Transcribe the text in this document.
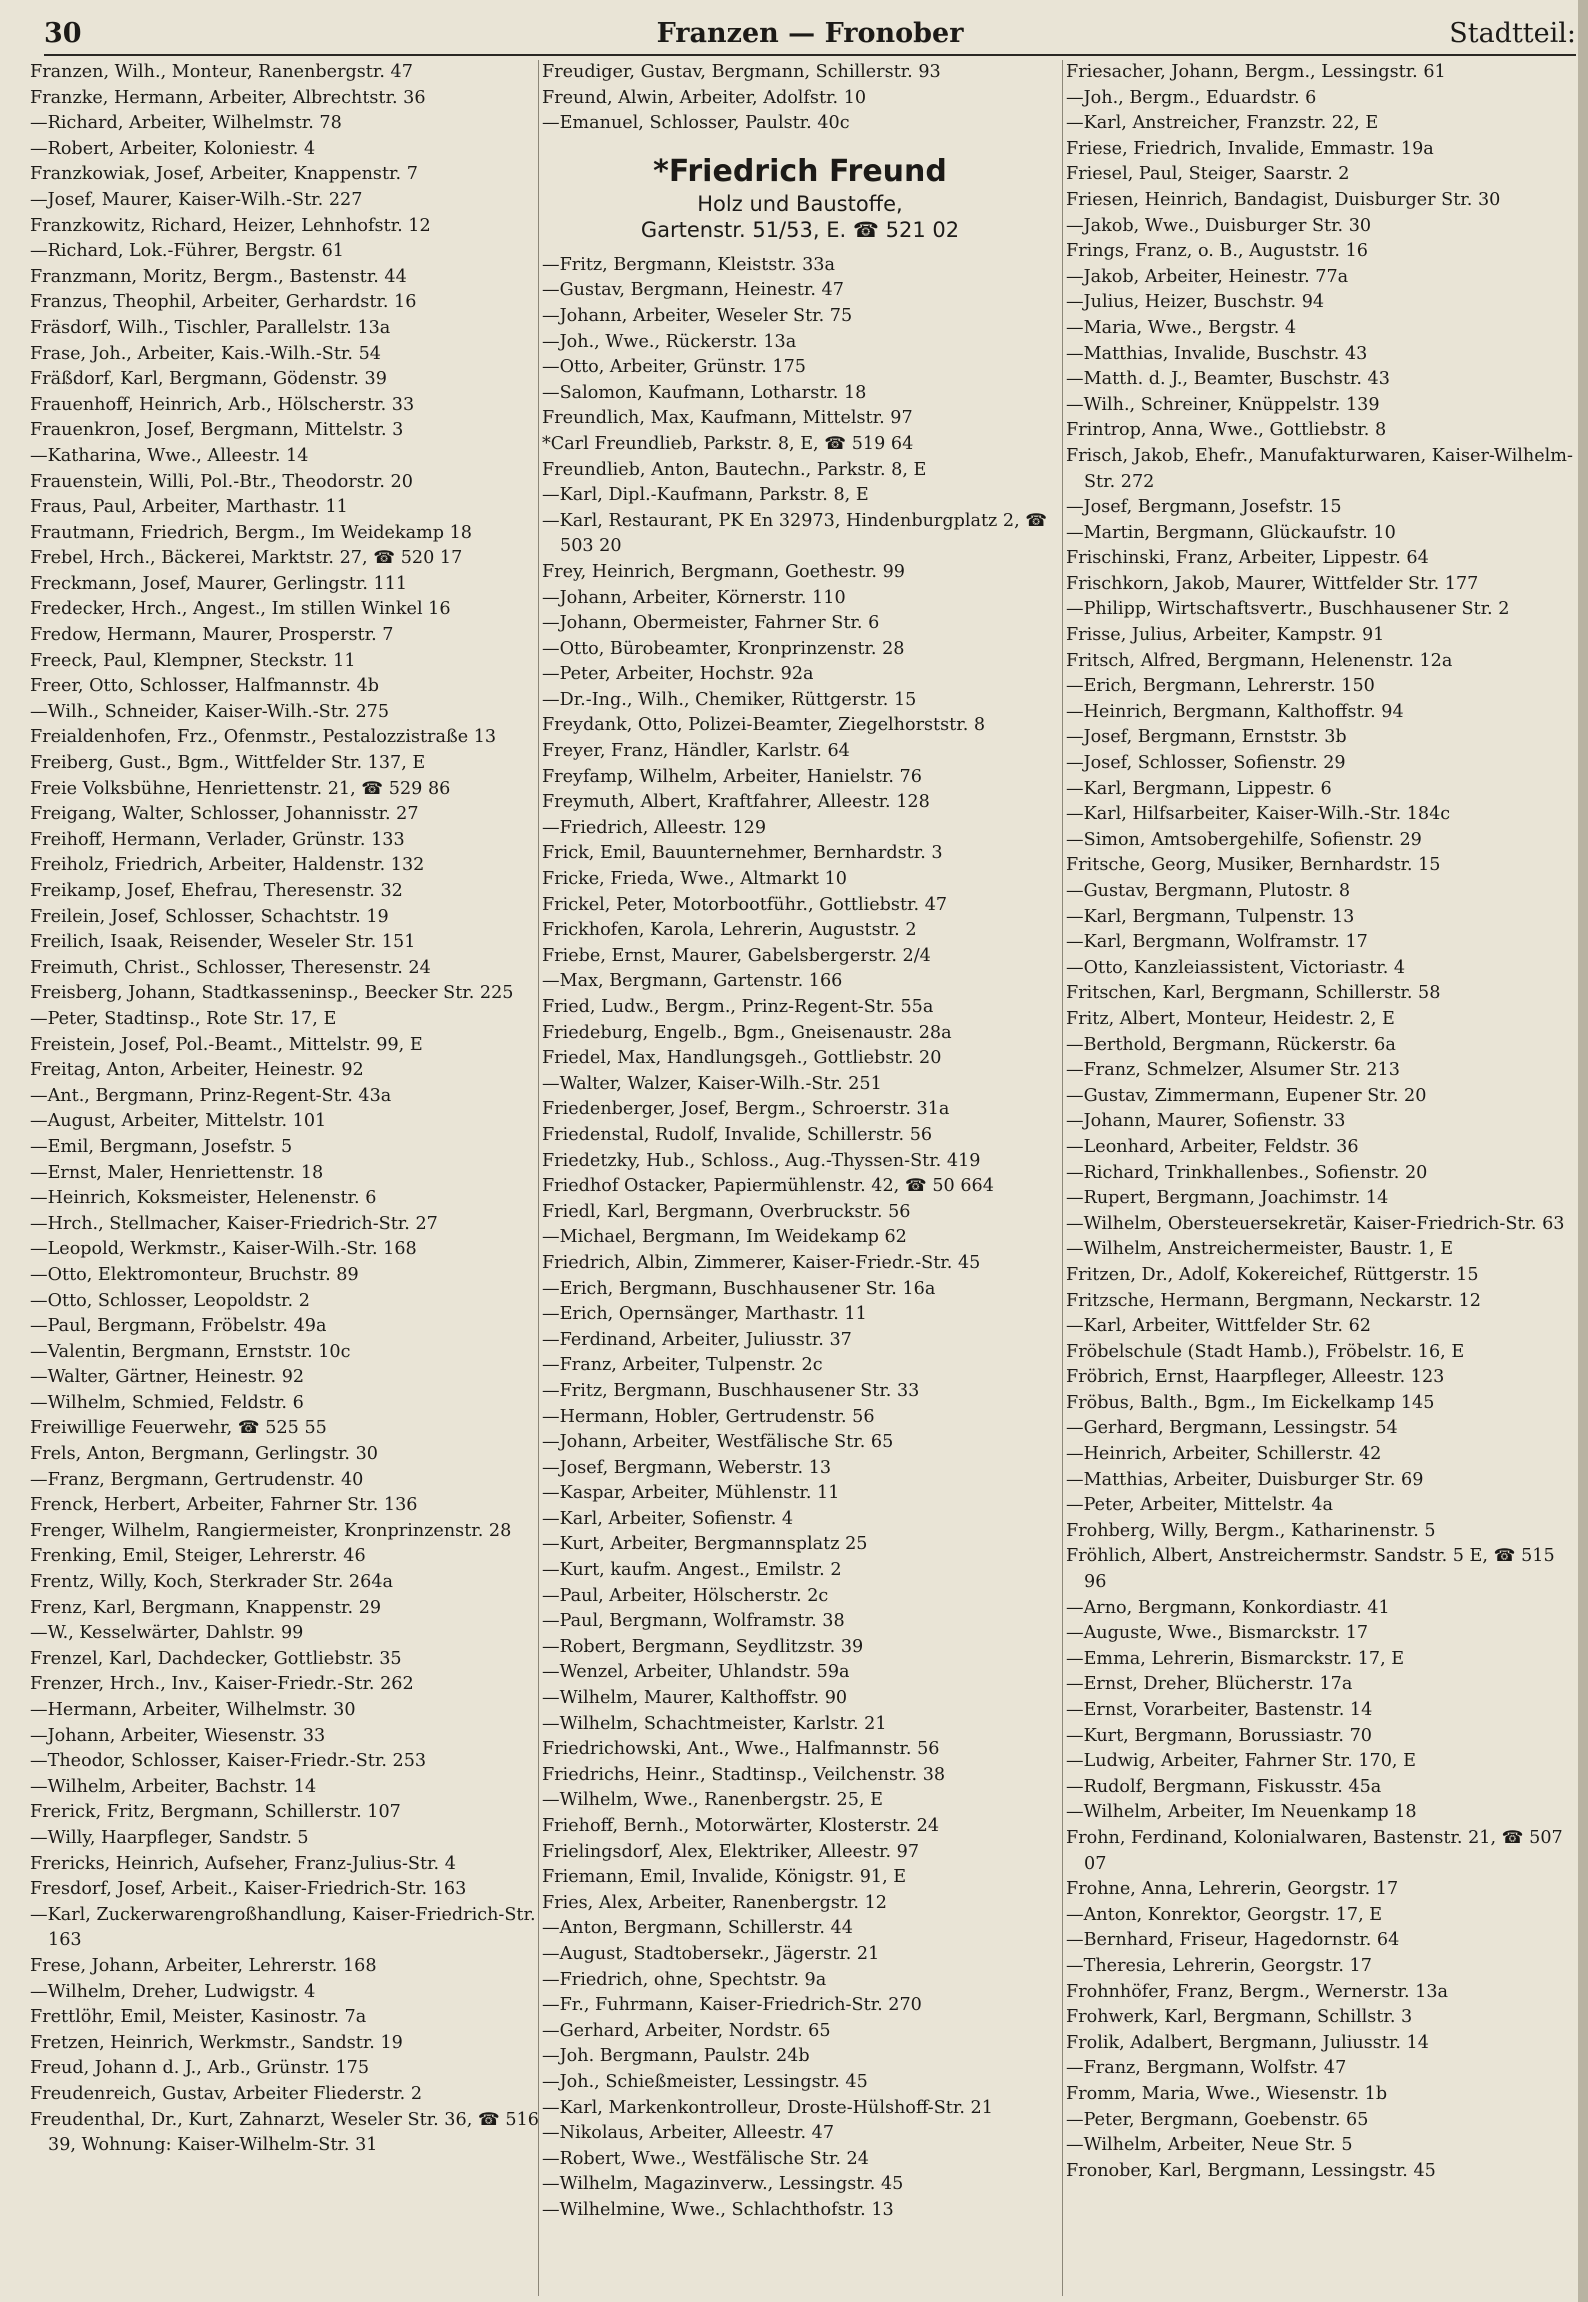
30	Franzen — Fronober	Stadtteil:
Franzen, Wilh., Monteur, Ranenbergstr. 47
Franzke, Hermann, Arbeiter, Albrechtstr. 36
—Richard, Arbeiter, Wilhelmstr. 78
—Robert, Arbeiter, Koloniestr. 4
Franzkowiak, Josef, Arbeiter, Knappenstr. 7
—Josef, Maurer, Kaiser-Wilh.-Str. 227
Franzkowitz, Richard, Heizer, Lehnhofstr. 12
—Richard, Lok.-Führer, Bergstr. 61
Franzmann, Moritz, Bergm., Bastenstr. 44
Franzus, Theophil, Arbeiter, Gerhardstr. 16
Fräsdorf, Wilh., Tischler, Parallelstr. 13a
Frase, Joh., Arbeiter, Kais.-Wilh.-Str. 54
Fräßdorf, Karl, Bergmann, Gödenstr. 39
Frauenhoff, Heinrich, Arb., Hölscherstr. 33
Frauenkron, Josef, Bergmann, Mittelstr. 3
—Katharina, Wwe., Alleestr. 14
Frauenstein, Willi, Pol.-Btr., Theodorstr. 20
Fraus, Paul, Arbeiter, Marthastr. 11
Frautmann, Friedrich, Bergm., Im Weidekamp 18
Frebel, Hrch., Bäckerei, Marktstr. 27, ☎ 520 17
Freckmann, Josef, Maurer, Gerlingstr. 111
Fredecker, Hrch., Angest., Im stillen Winkel 16
Fredow, Hermann, Maurer, Prosperstr. 7
Freeck, Paul, Klempner, Steckstr. 11
Freer, Otto, Schlosser, Halfmannstr. 4b
—Wilh., Schneider, Kaiser-Wilh.-Str. 275
Freialdenhofen, Frz., Ofenmstr., Pestalozzistraße 13
Freiberg, Gust., Bgm., Wittfelder Str. 137, E
Freie Volksbühne, Henriettenstr. 21, ☎ 529 86
Freigang, Walter, Schlosser, Johannisstr. 27
Freihoff, Hermann, Verlader, Grünstr. 133
Freiholz, Friedrich, Arbeiter, Haldenstr. 132
Freikamp, Josef, Ehefrau, Theresenstr. 32
Freilein, Josef, Schlosser, Schachtstr. 19
Freilich, Isaak, Reisender, Weseler Str. 151
Freimuth, Christ., Schlosser, Theresenstr. 24
Freisberg, Johann, Stadtkasseninsp., Beecker Str. 225
—Peter, Stadtinsp., Rote Str. 17, E
Freistein, Josef, Pol.-Beamt., Mittelstr. 99, E
Freitag, Anton, Arbeiter, Heinestr. 92
—Ant., Bergmann, Prinz-Regent-Str. 43a
—August, Arbeiter, Mittelstr. 101
—Emil, Bergmann, Josefstr. 5
—Ernst, Maler, Henriettenstr. 18
—Heinrich, Koksmeister, Helenenstr. 6
—Hrch., Stellmacher, Kaiser-Friedrich-Str. 27
—Leopold, Werkmstr., Kaiser-Wilh.-Str. 168
—Otto, Elektromonteur, Bruchstr. 89
—Otto, Schlosser, Leopoldstr. 2
—Paul, Bergmann, Fröbelstr. 49a
—Valentin, Bergmann, Ernststr. 10c
—Walter, Gärtner, Heinestr. 92
—Wilhelm, Schmied, Feldstr. 6
Freiwillige Feuerwehr, ☎ 525 55
Frels, Anton, Bergmann, Gerlingstr. 30
—Franz, Bergmann, Gertrudenstr. 40
Frenck, Herbert, Arbeiter, Fahrner Str. 136
Frenger, Wilhelm, Rangiermeister, Kronprinzenstr. 28
Frenking, Emil, Steiger, Lehrerstr. 46
Frentz, Willy, Koch, Sterkrader Str. 264a
Frenz, Karl, Bergmann, Knappenstr. 29
—W., Kesselwärter, Dahlstr. 99
Frenzel, Karl, Dachdecker, Gottliebstr. 35
Frenzer, Hrch., Inv., Kaiser-Friedr.-Str. 262
—Hermann, Arbeiter, Wilhelmstr. 30
—Johann, Arbeiter, Wiesenstr. 33
—Theodor, Schlosser, Kaiser-Friedr.-Str. 253
—Wilhelm, Arbeiter, Bachstr. 14
Frerick, Fritz, Bergmann, Schillerstr. 107
—Willy, Haarpfleger, Sandstr. 5
Frericks, Heinrich, Aufseher, Franz-Julius-Str. 4
Fresdorf, Josef, Arbeit., Kaiser-Friedrich-Str. 163
—Karl, Zuckerwarengroßhandlung, Kaiser-Friedrich-Str. 163
Frese, Johann, Arbeiter, Lehrerstr. 168
—Wilhelm, Dreher, Ludwigstr. 4
Frettlöhr, Emil, Meister, Kasinostr. 7a
Fretzen, Heinrich, Werkmstr., Sandstr. 19
Freud, Johann d. J., Arb., Grünstr. 175
Freudenreich, Gustav, Arbeiter Fliederstr. 2
Freudenthal, Dr., Kurt, Zahnarzt, Weseler Str. 36, ☎ 516 39, Wohnung: Kaiser-Wilhelm-Str. 31
Freudiger, Gustav, Bergmann, Schillerstr. 93
Freund, Alwin, Arbeiter, Adolfstr. 10
—Emanuel, Schlosser, Paulstr. 40c
*Friedrich Freund
Holz und Baustoffe,
Gartenstr. 51/53, E. ☎ 521 02
—Fritz, Bergmann, Kleiststr. 33a
—Gustav, Bergmann, Heinestr. 47
—Johann, Arbeiter, Weseler Str. 75
—Joh., Wwe., Rückerstr. 13a
—Otto, Arbeiter, Grünstr. 175
—Salomon, Kaufmann, Lotharstr. 18
Freundlich, Max, Kaufmann, Mittelstr. 97
*Carl Freundlieb, Parkstr. 8, E, ☎ 519 64
Freundlieb, Anton, Bautechn., Parkstr. 8, E
—Karl, Dipl.-Kaufmann, Parkstr. 8, E
—Karl, Restaurant, PK En 32973, Hindenburgplatz 2, ☎ 503 20
Frey, Heinrich, Bergmann, Goethestr. 99
—Johann, Arbeiter, Körnerstr. 110
—Johann, Obermeister, Fahrner Str. 6
—Otto, Bürobeamter, Kronprinzenstr. 28
—Peter, Arbeiter, Hochstr. 92a
—Dr.-Ing., Wilh., Chemiker, Rüttgerstr. 15
Freydank, Otto, Polizei-Beamter, Ziegelhorststr. 8
Freyer, Franz, Händler, Karlstr. 64
Freyfamp, Wilhelm, Arbeiter, Hanielstr. 76
Freymuth, Albert, Kraftfahrer, Alleestr. 128
—Friedrich, Alleestr. 129
Frick, Emil, Bauunternehmer, Bernhardstr. 3
Fricke, Frieda, Wwe., Altmarkt 10
Frickel, Peter, Motorbootführ., Gottliebstr. 47
Frickhofen, Karola, Lehrerin, Auguststr. 2
Friebe, Ernst, Maurer, Gabelsbergerstr. 2/4
—Max, Bergmann, Gartenstr. 166
Fried, Ludw., Bergm., Prinz-Regent-Str. 55a
Friedeburg, Engelb., Bgm., Gneisenaustr. 28a
Friedel, Max, Handlungsgeh., Gottliebstr. 20
—Walter, Walzer, Kaiser-Wilh.-Str. 251
Friedenberger, Josef, Bergm., Schroerstr. 31a
Friedenstal, Rudolf, Invalide, Schillerstr. 56
Friedetzky, Hub., Schloss., Aug.-Thyssen-Str. 419
Friedhof Ostacker, Papiermühlenstr. 42, ☎ 50 664
Friedl, Karl, Bergmann, Overbruckstr. 56
—Michael, Bergmann, Im Weidekamp 62
Friedrich, Albin, Zimmerer, Kaiser-Friedr.-Str. 45
—Erich, Bergmann, Buschhausener Str. 16a
—Erich, Opernsänger, Marthastr. 11
—Ferdinand, Arbeiter, Juliusstr. 37
—Franz, Arbeiter, Tulpenstr. 2c
—Fritz, Bergmann, Buschhausener Str. 33
—Hermann, Hobler, Gertrudenstr. 56
—Johann, Arbeiter, Westfälische Str. 65
—Josef, Bergmann, Weberstr. 13
—Kaspar, Arbeiter, Mühlenstr. 11
—Karl, Arbeiter, Sofienstr. 4
—Kurt, Arbeiter, Bergmannsplatz 25
—Kurt, kaufm. Angest., Emilstr. 2
—Paul, Arbeiter, Hölscherstr. 2c
—Paul, Bergmann, Wolframstr. 38
—Robert, Bergmann, Seydlitzstr. 39
—Wenzel, Arbeiter, Uhlandstr. 59a
—Wilhelm, Maurer, Kalthoffstr. 90
—Wilhelm, Schachtmeister, Karlstr. 21
Friedrichowski, Ant., Wwe., Halfmannstr. 56
Friedrichs, Heinr., Stadtinsp., Veilchenstr. 38
—Wilhelm, Wwe., Ranenbergstr. 25, E
Friehoff, Bernh., Motorwärter, Klosterstr. 24
Frielingsdorf, Alex, Elektriker, Alleestr. 97
Friemann, Emil, Invalide, Königstr. 91, E
Fries, Alex, Arbeiter, Ranenbergstr. 12
—Anton, Bergmann, Schillerstr. 44
—August, Stadtobersekr., Jägerstr. 21
—Friedrich, ohne, Spechtstr. 9a
—Fr., Fuhrmann, Kaiser-Friedrich-Str. 270
—Gerhard, Arbeiter, Nordstr. 65
—Joh. Bergmann, Paulstr. 24b
—Joh., Schießmeister, Lessingstr. 45
—Karl, Markenkontrolleur, Droste-Hülshoff-Str. 21
—Nikolaus, Arbeiter, Alleestr. 47
—Robert, Wwe., Westfälische Str. 24
—Wilhelm, Magazinverw., Lessingstr. 45
—Wilhelmine, Wwe., Schlachthofstr. 13
Friesacher, Johann, Bergm., Lessingstr. 61
—Joh., Bergm., Eduardstr. 6
—Karl, Anstreicher, Franzstr. 22, E
Friese, Friedrich, Invalide, Emmastr. 19a
Friesel, Paul, Steiger, Saarstr. 2
Friesen, Heinrich, Bandagist, Duisburger Str. 30
—Jakob, Wwe., Duisburger Str. 30
Frings, Franz, o. B., Auguststr. 16
—Jakob, Arbeiter, Heinestr. 77a
—Julius, Heizer, Buschstr. 94
—Maria, Wwe., Bergstr. 4
—Matthias, Invalide, Buschstr. 43
—Matth. d. J., Beamter, Buschstr. 43
—Wilh., Schreiner, Knüppelstr. 139
Frintrop, Anna, Wwe., Gottliebstr. 8
Frisch, Jakob, Ehefr., Manufakturwaren, Kaiser-Wilhelm-Str. 272
—Josef, Bergmann, Josefstr. 15
—Martin, Bergmann, Glückaufstr. 10
Frischinski, Franz, Arbeiter, Lippestr. 64
Frischkorn, Jakob, Maurer, Wittfelder Str. 177
—Philipp, Wirtschaftsvertr., Buschhausener Str. 2
Frisse, Julius, Arbeiter, Kampstr. 91
Fritsch, Alfred, Bergmann, Helenenstr. 12a
—Erich, Bergmann, Lehrerstr. 150
—Heinrich, Bergmann, Kalthoffstr. 94
—Josef, Bergmann, Ernststr. 3b
—Josef, Schlosser, Sofienstr. 29
—Karl, Bergmann, Lippestr. 6
—Karl, Hilfsarbeiter, Kaiser-Wilh.-Str. 184c
—Simon, Amtsobergehilfe, Sofienstr. 29
Fritsche, Georg, Musiker, Bernhardstr. 15
—Gustav, Bergmann, Plutostr. 8
—Karl, Bergmann, Tulpenstr. 13
—Karl, Bergmann, Wolframstr. 17
—Otto, Kanzleiassistent, Victoriastr. 4
Fritschen, Karl, Bergmann, Schillerstr. 58
Fritz, Albert, Monteur, Heidestr. 2, E
—Berthold, Bergmann, Rückerstr. 6a
—Franz, Schmelzer, Alsumer Str. 213
—Gustav, Zimmermann, Eupener Str. 20
—Johann, Maurer, Sofienstr. 33
—Leonhard, Arbeiter, Feldstr. 36
—Richard, Trinkhallenbes., Sofienstr. 20
—Rupert, Bergmann, Joachimstr. 14
—Wilhelm, Obersteuersekretär, Kaiser-Friedrich-Str. 63
—Wilhelm, Anstreichermeister, Baustr. 1, E
Fritzen, Dr., Adolf, Kokereichef, Rüttgerstr. 15
Fritzsche, Hermann, Bergmann, Neckarstr. 12
—Karl, Arbeiter, Wittfelder Str. 62
Fröbelschule (Stadt Hamb.), Fröbelstr. 16, E
Fröbrich, Ernst, Haarpfleger, Alleestr. 123
Fröbus, Balth., Bgm., Im Eickelkamp 145
—Gerhard, Bergmann, Lessingstr. 54
—Heinrich, Arbeiter, Schillerstr. 42
—Matthias, Arbeiter, Duisburger Str. 69
—Peter, Arbeiter, Mittelstr. 4a
Frohberg, Willy, Bergm., Katharinenstr. 5
Fröhlich, Albert, Anstreichermstr. Sandstr. 5 E, ☎ 515 96
—Arno, Bergmann, Konkordiastr. 41
—Auguste, Wwe., Bismarckstr. 17
—Emma, Lehrerin, Bismarckstr. 17, E
—Ernst, Dreher, Blücherstr. 17a
—Ernst, Vorarbeiter, Bastenstr. 14
—Kurt, Bergmann, Borussiastr. 70
—Ludwig, Arbeiter, Fahrner Str. 170, E
—Rudolf, Bergmann, Fiskusstr. 45a
—Wilhelm, Arbeiter, Im Neuenkamp 18
Frohn, Ferdinand, Kolonialwaren, Bastenstr. 21, ☎ 507 07
Frohne, Anna, Lehrerin, Georgstr. 17
—Anton, Konrektor, Georgstr. 17, E
—Bernhard, Friseur, Hagedornstr. 64
—Theresia, Lehrerin, Georgstr. 17
Frohnhöfer, Franz, Bergm., Wernerstr. 13a
Frohwerk, Karl, Bergmann, Schillstr. 3
Frolik, Adalbert, Bergmann, Juliusstr. 14
—Franz, Bergmann, Wolfstr. 47
Fromm, Maria, Wwe., Wiesenstr. 1b
—Peter, Bergmann, Goebenstr. 65
—Wilhelm, Arbeiter, Neue Str. 5
Fronober, Karl, Bergmann, Lessingstr. 45
